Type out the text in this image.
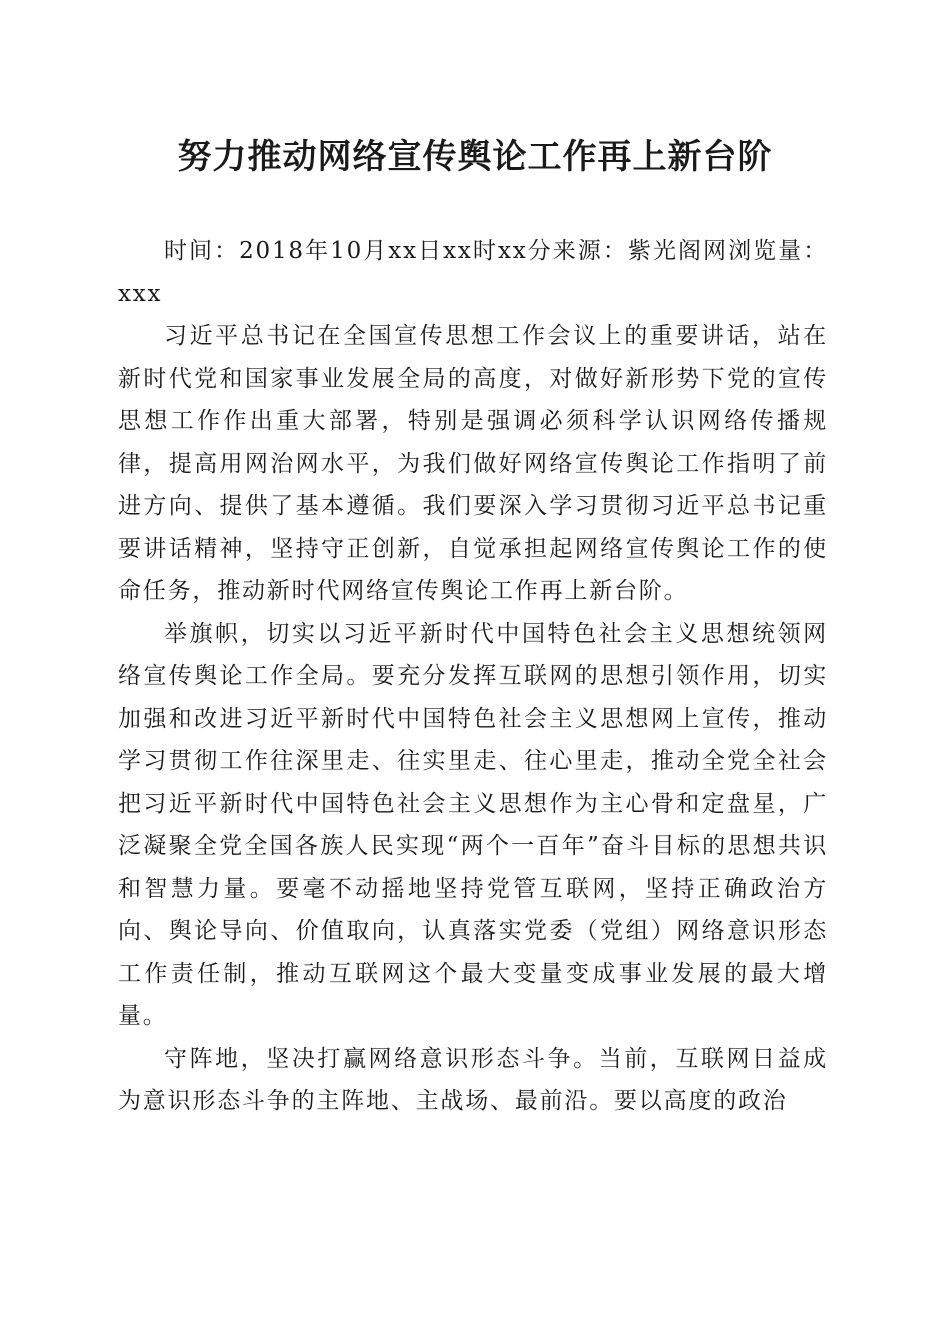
努力推动网络宣传舆论工作再上新台阶

时间：2018年10月xx日xx时xx分来源：紫光阁网浏览量：xxx

习近平总书记在全国宣传思想工作会议上的重要讲话，站在新时代党和国家事业发展全局的高度，对做好新形势下党的宣传思想工作作出重大部署，特别是强调必须科学认识网络传播规律，提高用网治网水平，为我们做好网络宣传舆论工作指明了前进方向、提供了基本遵循。我们要深入学习贯彻习近平总书记重要讲话精神，坚持守正创新，自觉承担起网络宣传舆论工作的使命任务，推动新时代网络宣传舆论工作再上新台阶。

举旗帜，切实以习近平新时代中国特色社会主义思想统领网络宣传舆论工作全局。要充分发挥互联网的思想引领作用，切实加强和改进习近平新时代中国特色社会主义思想网上宣传，推动学习贯彻工作往深里走、往实里走、往心里走，推动全党全社会把习近平新时代中国特色社会主义思想作为主心骨和定盘星，广泛凝聚全党全国各族人民实现“两个一百年”奋斗目标的思想共识和智慧力量。要毫不动摇地坚持党管互联网，坚持正确政治方向、舆论导向、价值取向，认真落实党委（党组）网络意识形态工作责任制，推动互联网这个最大变量变成事业发展的最大增量。

守阵地，坚决打赢网络意识形态斗争。当前，互联网日益成为意识形态斗争的主阵地、主战场、最前沿。要以高度的政治
